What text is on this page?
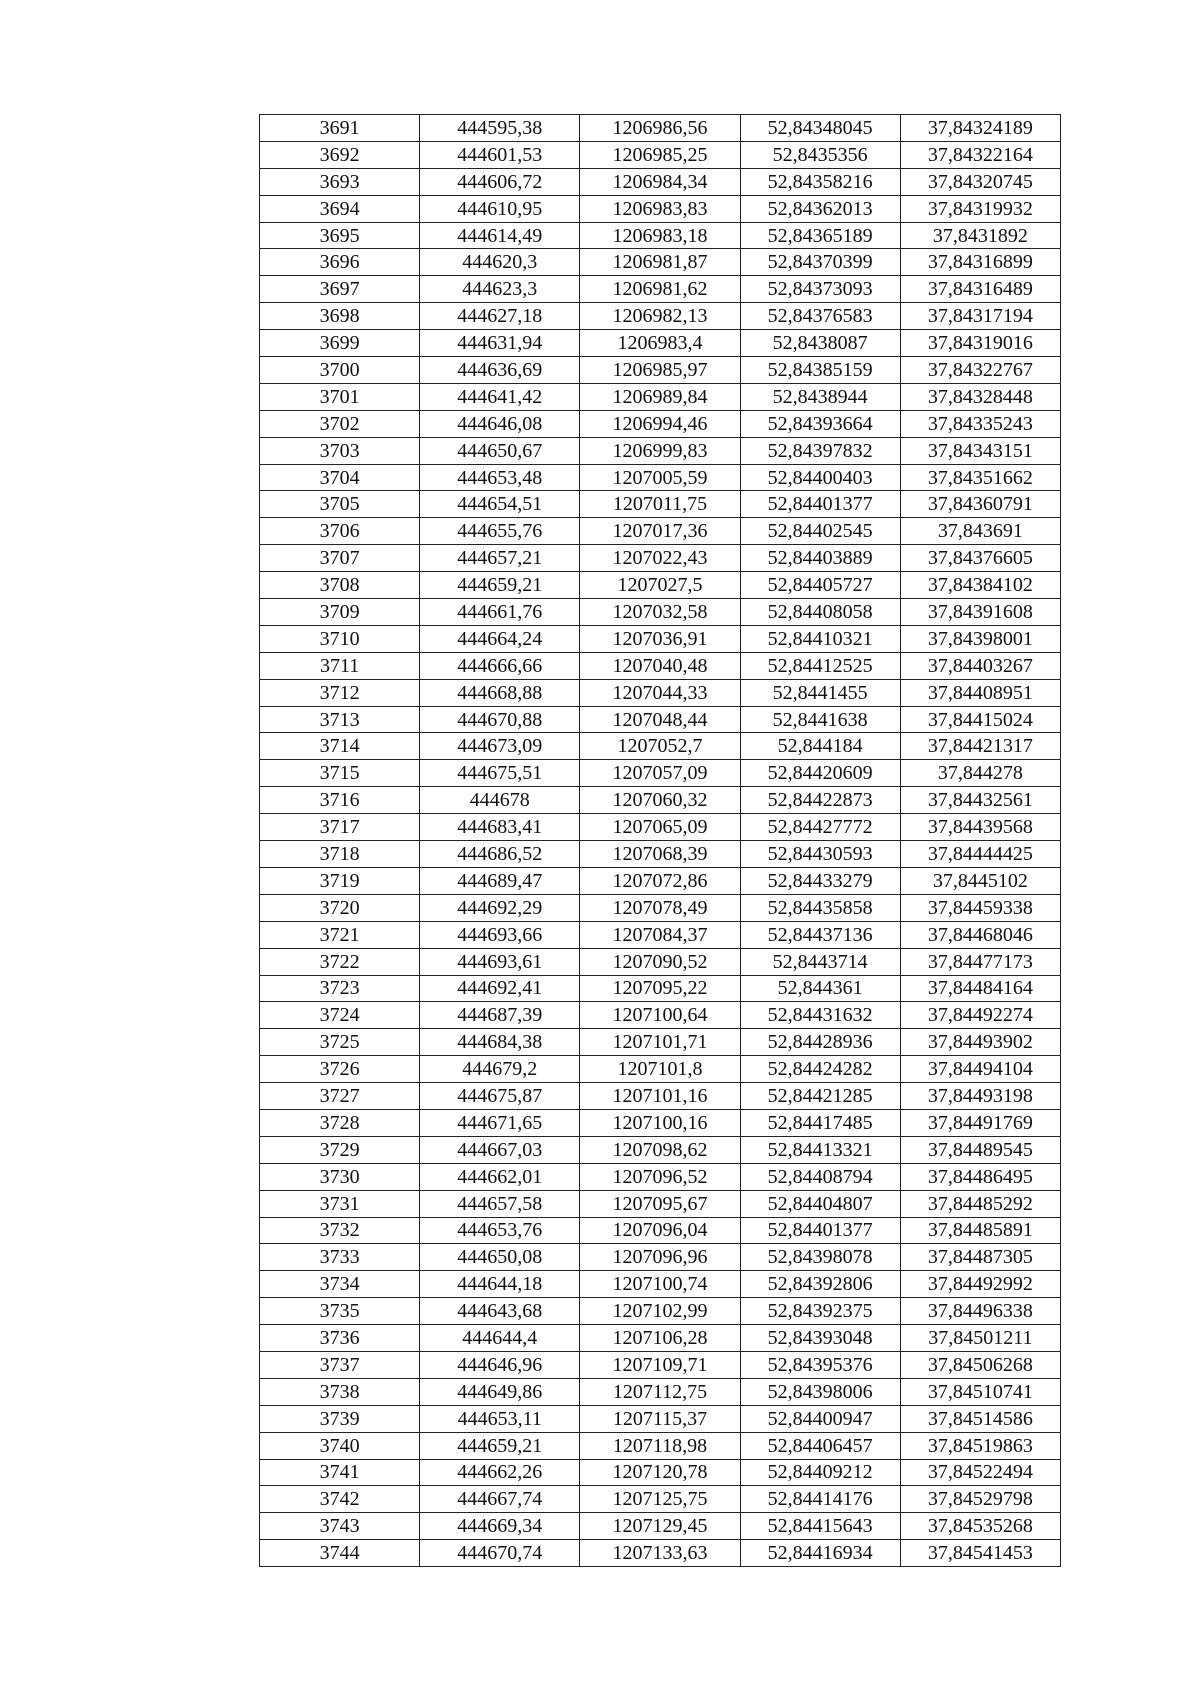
3691	444595,38	1206986,56	52,84348045	37,84324189
3692	444601,53	1206985,25	52,8435356	37,84322164
3693	444606,72	1206984,34	52,84358216	37,84320745
3694	444610,95	1206983,83	52,84362013	37,84319932
3695	444614,49	1206983,18	52,84365189	37,8431892
3696	444620,3	1206981,87	52,84370399	37,84316899
3697	444623,3	1206981,62	52,84373093	37,84316489
3698	444627,18	1206982,13	52,84376583	37,84317194
3699	444631,94	1206983,4	52,8438087	37,84319016
3700	444636,69	1206985,97	52,84385159	37,84322767
3701	444641,42	1206989,84	52,8438944	37,84328448
3702	444646,08	1206994,46	52,84393664	37,84335243
3703	444650,67	1206999,83	52,84397832	37,84343151
3704	444653,48	1207005,59	52,84400403	37,84351662
3705	444654,51	1207011,75	52,84401377	37,84360791
3706	444655,76	1207017,36	52,84402545	37,843691
3707	444657,21	1207022,43	52,84403889	37,84376605
3708	444659,21	1207027,5	52,84405727	37,84384102
3709	444661,76	1207032,58	52,84408058	37,84391608
3710	444664,24	1207036,91	52,84410321	37,84398001
3711	444666,66	1207040,48	52,84412525	37,84403267
3712	444668,88	1207044,33	52,8441455	37,84408951
3713	444670,88	1207048,44	52,8441638	37,84415024
3714	444673,09	1207052,7	52,844184	37,84421317
3715	444675,51	1207057,09	52,84420609	37,844278
3716	444678	1207060,32	52,84422873	37,84432561
3717	444683,41	1207065,09	52,84427772	37,84439568
3718	444686,52	1207068,39	52,84430593	37,84444425
3719	444689,47	1207072,86	52,84433279	37,8445102
3720	444692,29	1207078,49	52,84435858	37,84459338
3721	444693,66	1207084,37	52,84437136	37,84468046
3722	444693,61	1207090,52	52,8443714	37,84477173
3723	444692,41	1207095,22	52,844361	37,84484164
3724	444687,39	1207100,64	52,84431632	37,84492274
3725	444684,38	1207101,71	52,84428936	37,84493902
3726	444679,2	1207101,8	52,84424282	37,84494104
3727	444675,87	1207101,16	52,84421285	37,84493198
3728	444671,65	1207100,16	52,84417485	37,84491769
3729	444667,03	1207098,62	52,84413321	37,84489545
3730	444662,01	1207096,52	52,84408794	37,84486495
3731	444657,58	1207095,67	52,84404807	37,84485292
3732	444653,76	1207096,04	52,84401377	37,84485891
3733	444650,08	1207096,96	52,84398078	37,84487305
3734	444644,18	1207100,74	52,84392806	37,84492992
3735	444643,68	1207102,99	52,84392375	37,84496338
3736	444644,4	1207106,28	52,84393048	37,84501211
3737	444646,96	1207109,71	52,84395376	37,84506268
3738	444649,86	1207112,75	52,84398006	37,84510741
3739	444653,11	1207115,37	52,84400947	37,84514586
3740	444659,21	1207118,98	52,84406457	37,84519863
3741	444662,26	1207120,78	52,84409212	37,84522494
3742	444667,74	1207125,75	52,84414176	37,84529798
3743	444669,34	1207129,45	52,84415643	37,84535268
3744	444670,74	1207133,63	52,84416934	37,84541453
